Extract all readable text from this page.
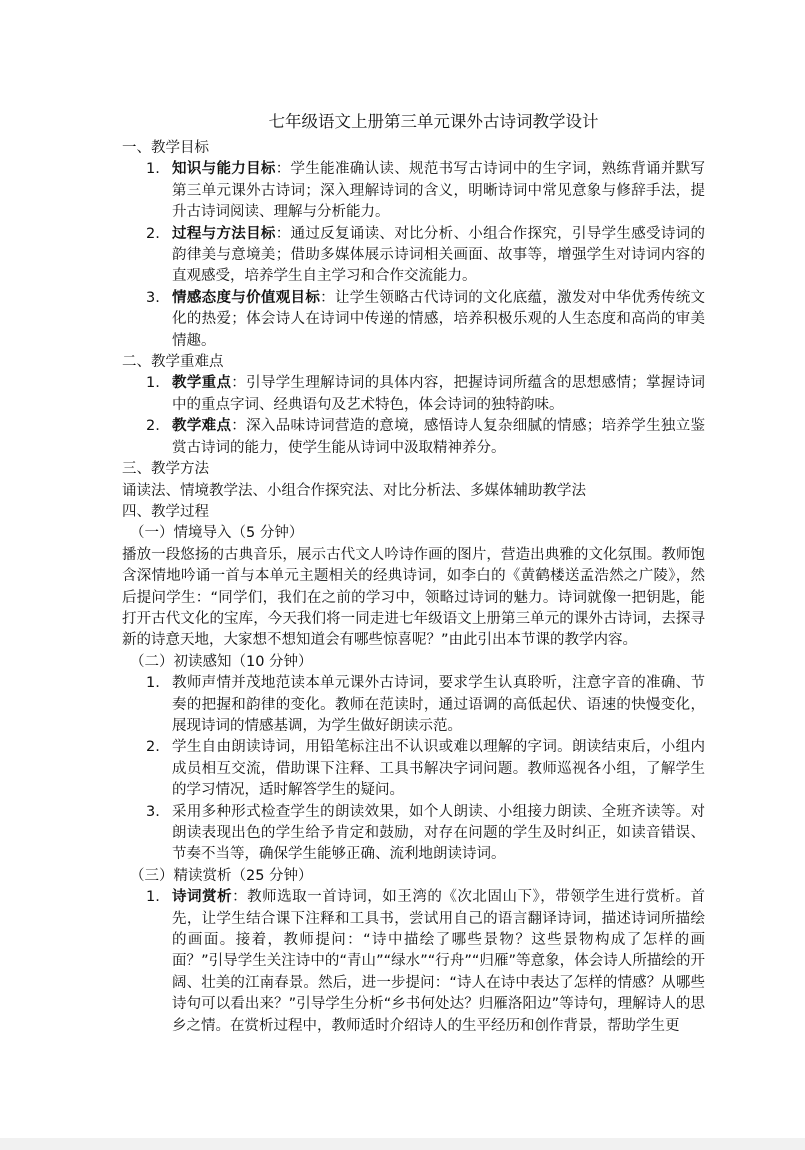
七年级语文上册第三单元课外古诗词教学设计
一、教学目标
1. 知识与能力目标：学生能准确认读、规范书写古诗词中的生字词，熟练背诵并默写第三单元课外古诗词；深入理解诗词的含义，明晰诗词中常见意象与修辞手法，提升古诗词阅读、理解与分析能力。
2. 过程与方法目标：通过反复诵读、对比分析、小组合作探究，引导学生感受诗词的韵律美与意境美；借助多媒体展示诗词相关画面、故事等，增强学生对诗词内容的直观感受，培养学生自主学习和合作交流能力。
3. 情感态度与价值观目标：让学生领略古代诗词的文化底蕴，激发对中华优秀传统文化的热爱；体会诗人在诗词中传递的情感，培养积极乐观的人生态度和高尚的审美情趣。
二、教学重难点
1. 教学重点：引导学生理解诗词的具体内容，把握诗词所蕴含的思想感情；掌握诗词中的重点字词、经典语句及艺术特色，体会诗词的独特韵味。
2. 教学难点：深入品味诗词营造的意境，感悟诗人复杂细腻的情感；培养学生独立鉴赏古诗词的能力，使学生能从诗词中汲取精神养分。
三、教学方法

诵读法、情境教学法、小组合作探究法、对比分析法、多媒体辅助教学法

四、教学过程
（一）情境导入（5 分钟）

播放一段悠扬的古典音乐，展示古代文人吟诗作画的图片，营造出典雅的文化氛围。教师饱含深情地吟诵一首与本单元主题相关的经典诗词，如李白的《黄鹤楼送孟浩然之广陵》，然后提问学生：“同学们，我们在之前的学习中，领略过诗词的魅力。诗词就像一把钥匙，能打开古代文化的宝库，今天我们将一同走进七年级语文上册第三单元的课外古诗词，去探寻新的诗意天地，大家想不想知道会有哪些惊喜呢？”由此引出本节课的教学内容。

（二）初读感知（10 分钟）
1. 教师声情并茂地范读本单元课外古诗词，要求学生认真聆听，注意字音的准确、节奏的把握和韵律的变化。教师在范读时，通过语调的高低起伏、语速的快慢变化，展现诗词的情感基调，为学生做好朗读示范。
2. 学生自由朗读诗词，用铅笔标注出不认识或难以理解的字词。朗读结束后，小组内成员相互交流，借助课下注释、工具书解决字词问题。教师巡视各小组，了解学生的学习情况，适时解答学生的疑问。
3. 采用多种形式检查学生的朗读效果，如个人朗读、小组接力朗读、全班齐读等。对朗读表现出色的学生给予肯定和鼓励，对存在问题的学生及时纠正，如读音错误、节奏不当等，确保学生能够正确、流利地朗读诗词。
（三）精读赏析（25 分钟）
1. 诗词赏析：教师选取一首诗词，如王湾的《次北固山下》，带领学生进行赏析。首先，让学生结合课下注释和工具书，尝试用自己的语言翻译诗词，描述诗词所描绘的画面。接着，教师提问：“诗中描绘了哪些景物？这些景物构成了怎样的画面？”引导学生关注诗中的“青山”“绿水”“行舟”“归雁”等意象，体会诗人所描绘的开阔、壮美的江南春景。然后，进一步提问：“诗人在诗中表达了怎样的情感？从哪些诗句可以看出来？”引导学生分析“乡书何处达？归雁洛阳边”等诗句，理解诗人的思乡之情。在赏析过程中，教师适时介绍诗人的生平经历和创作背景，帮助学生更
